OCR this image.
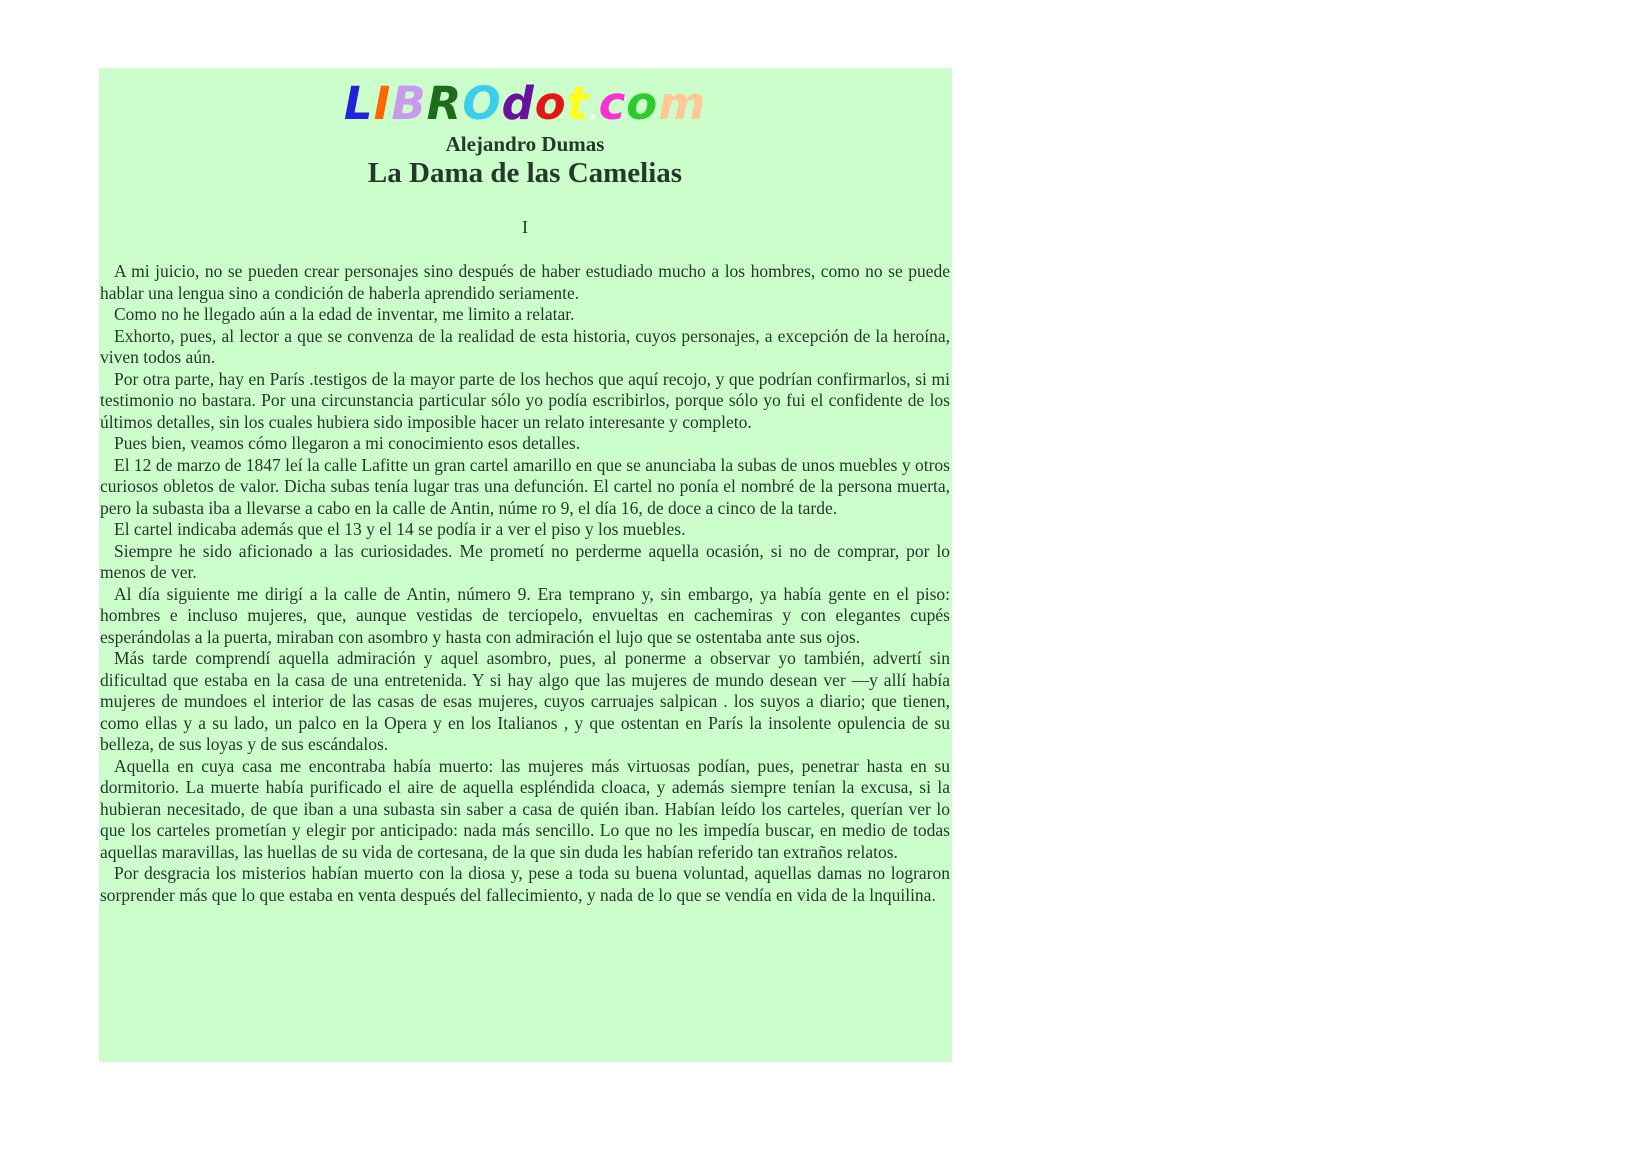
LIBROdot.com
Alejandro Dumas
La Dama de las Camelias
I

A mi juicio, no se pueden crear personajes sino después de haber estudiado mucho a los hombres, como no se puede hablar una lengua sino a condición de haberla aprendido seriamente.

Como no he llegado aún a la edad de inventar, me limito a relatar.

Exhorto, pues, al lector a que se convenza de la realidad de esta historia, cuyos personajes, a excepción de la heroína, viven todos aún.

Por otra parte, hay en París .testigos de la mayor parte de los hechos que aquí recojo, y que podrían confirmarlos, si mi testimonio no bastara. Por una circunstancia particular sólo yo podía escribirlos, porque sólo yo fui el confidente de los últimos detalles, sin los cuales hubiera sido imposible hacer un relato interesante y completo.

Pues bien, veamos cómo llegaron a mi conocimiento esos detalles.

El 12 de marzo de 1847 leí la calle Lafitte un gran cartel amarillo en que se anunciaba la subas de unos muebles y otros curiosos obletos de valor. Dicha subas tenía lugar tras una defunción. El cartel no ponía el nombré de la persona muerta, pero la subasta iba a llevarse a cabo en la calle de Antin, núme ro 9, el día 16, de doce a cinco de la tarde.

El cartel indicaba además que el 13 y el 14 se podía ir a ver el piso y los muebles.

Siempre he sido aficionado a las curiosidades. Me prometí no perderme aquella ocasión, si no de comprar, por lo menos de ver.

Al día siguiente me dirigí a la calle de Antin, número 9. Era temprano y, sin embargo, ya había gente en el piso: hombres e incluso mujeres, que, aunque vestidas de terciopelo, envueltas en cachemiras y con elegantes cupés esperándolas a la puerta, miraban con asombro y hasta con admiración el lujo que se ostentaba ante sus ojos.

Más tarde comprendí aquella admiración y aquel asombro, pues, al ponerme a observar yo también, advertí sin dificultad que estaba en la casa de una entretenida. Y si hay algo que las mujeres de mundo desean ver —y allí había mujeres de mundoes el interior de las casas de esas mujeres, cuyos carruajes salpican . los suyos a diario; que tienen, como ellas y a su lado, un palco en la Opera y en los Italianos , y que ostentan en París la insolente opulencia de su belleza, de sus loyas y de sus escándalos.

Aquella en cuya casa me encontraba había muerto: las mujeres más virtuosas podían, pues, penetrar hasta en su dormitorio. La muerte había purificado el aire de aquella espléndida cloaca, y además siempre tenían la excusa, si la hubieran necesitado, de que iban a una subasta sin saber a casa de quién iban. Habían leído los carteles, querían ver lo que los carteles prometían y elegir por anticipado: nada más sencillo. Lo que no les impedía buscar, en medio de todas aquellas maravillas, las huellas de su vida de cortesana, de la que sin duda les habían referido tan extraños relatos.

Por desgracia los misterios habían muerto con la diosa y, pese a toda su buena voluntad, aquellas damas no lograron sorprender más que lo que estaba en venta después del fallecimiento, y nada de lo que se vendía en vida de la lnquilina.
